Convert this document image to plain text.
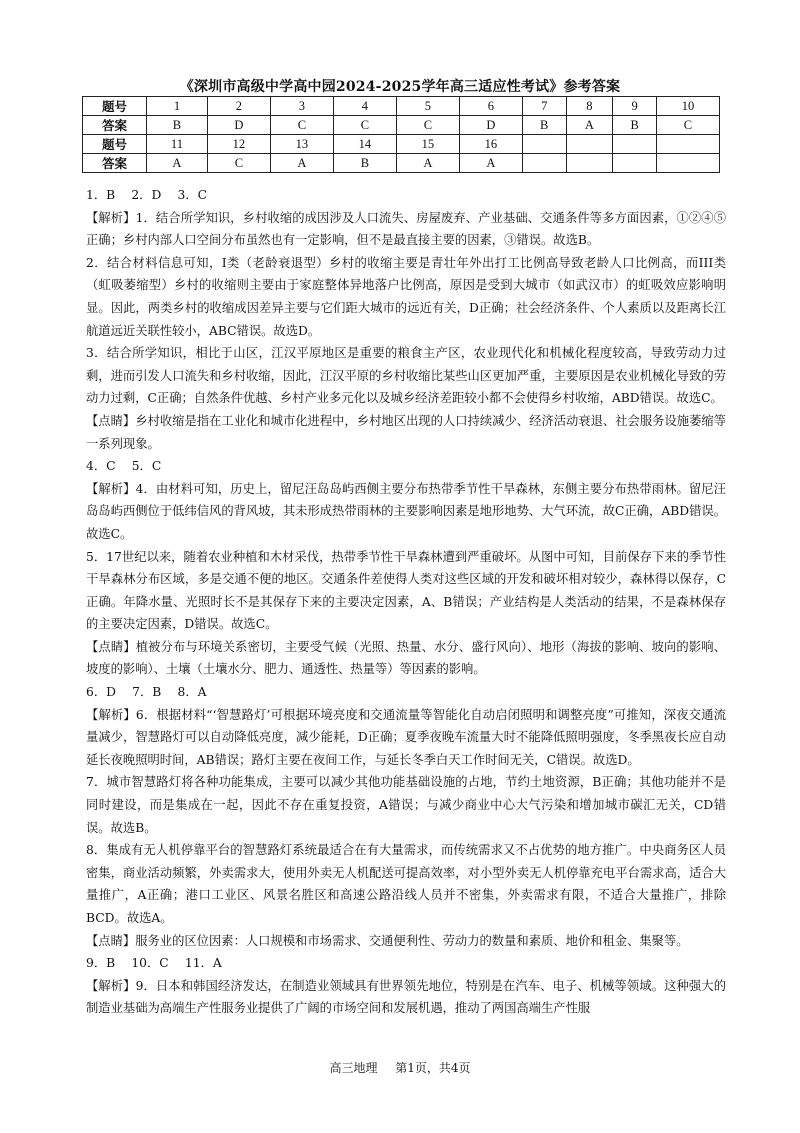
《深圳市高级中学高中园2024-2025学年高三适应性考试》参考答案
题号	1	2	3	4	5	6	7	8	9	10
答案	B	D	C	C	C	D	B	A	B	C
题号	11	12	13	14	15	16				
答案	A	C	A	B	A	A				

1．B　 2．D　 3．C

【解析】1．结合所学知识，乡村收缩的成因涉及人口流失、房屋废弃、产业基础、交通条件等多方面因素，①②④⑤正确；乡村内部人口空间分布虽然也有一定影响，但不是最直接主要的因素，③错误。故选B。

2．结合材料信息可知，I类（老龄衰退型）乡村的收缩主要是青壮年外出打工比例高导致老龄人口比例高，而III类（虹吸萎缩型）乡村的收缩则主要由于家庭整体异地落户比例高，原因是受到大城市（如武汉市）的虹吸效应影响明显。因此，两类乡村的收缩成因差异主要与它们距大城市的远近有关，D正确；社会经济条件、个人素质以及距离长江航道远近关联性较小，ABC错误。故选D。

3．结合所学知识，相比于山区，江汉平原地区是重要的粮食主产区，农业现代化和机械化程度较高，导致劳动力过剩，进而引发人口流失和乡村收缩，因此，江汉平原的乡村收缩比某些山区更加严重，主要原因是农业机械化导致的劳动力过剩，C正确；自然条件优越、乡村产业多元化以及城乡经济差距较小都不会使得乡村收缩，ABD错误。故选C。

【点睛】乡村收缩是指在工业化和城市化进程中，乡村地区出现的人口持续减少、经济活动衰退、社会服务设施萎缩等一系列现象。

4．C　 5．C

【解析】4．由材料可知，历史上，留尼汪岛岛屿西侧主要分布热带季节性干旱森林，东侧主要分布热带雨林。留尼汪岛岛屿西侧位于低纬信风的背风坡，其未形成热带雨林的主要影响因素是地形地势、大气环流，故C正确，ABD错误。故选C。

5．17世纪以来，随着农业种植和木材采伐，热带季节性干旱森林遭到严重破坏。从图中可知，目前保存下来的季节性干旱森林分布区域，多是交通不便的地区。交通条件差使得人类对这些区域的开发和破坏相对较少，森林得以保存，C正确。年降水量、光照时长不是其保存下来的主要决定因素，A、B错误；产业结构是人类活动的结果，不是森林保存的主要决定因素，D错误。故选C。

【点睛】植被分布与环境关系密切，主要受气候（光照、热量、水分、盛行风向）、地形（海拔的影响、坡向的影响、坡度的影响）、土壤（土壤水分、肥力、通透性、热量等）等因素的影响。

6．D　 7．B　 8．A

【解析】6．根据材料“‘智慧路灯’可根据环境亮度和交通流量等智能化自动启闭照明和调整亮度”可推知，深夜交通流量减少，智慧路灯可以自动降低亮度，减少能耗，D正确；夏季夜晚车流量大时不能降低照明强度，冬季黑夜长应自动延长夜晚照明时间，AB错误；路灯主要在夜间工作，与延长冬季白天工作时间无关，C错误。故选D。

7．城市智慧路灯将各种功能集成，主要可以减少其他功能基础设施的占地，节约土地资源，B正确；其他功能并不是同时建设，而是集成在一起，因此不存在重复投资，A错误；与减少商业中心大气污染和增加城市碳汇无关，CD错误。故选B。

8．集成有无人机停靠平台的智慧路灯系统最适合在有大量需求，而传统需求又不占优势的地方推广。中央商务区人员密集，商业活动频繁，外卖需求大，使用外卖无人机配送可提高效率，对小型外卖无人机停靠充电平台需求高，适合大量推广，A正确；港口工业区、风景名胜区和高速公路沿线人员并不密集，外卖需求有限，不适合大量推广，排除BCD。故选A。

【点睛】服务业的区位因素：人口规模和市场需求、交通便利性、劳动力的数量和素质、地价和租金、集聚等。

9．B　 10．C　 11．A

【解析】9．日本和韩国经济发达，在制造业领域具有世界领先地位，特别是在汽车、电子、机械等领域。这种强大的制造业基础为高端生产性服务业提供了广阔的市场空间和发展机遇，推动了两国高端生产性服

高三地理 第1页，共4页
